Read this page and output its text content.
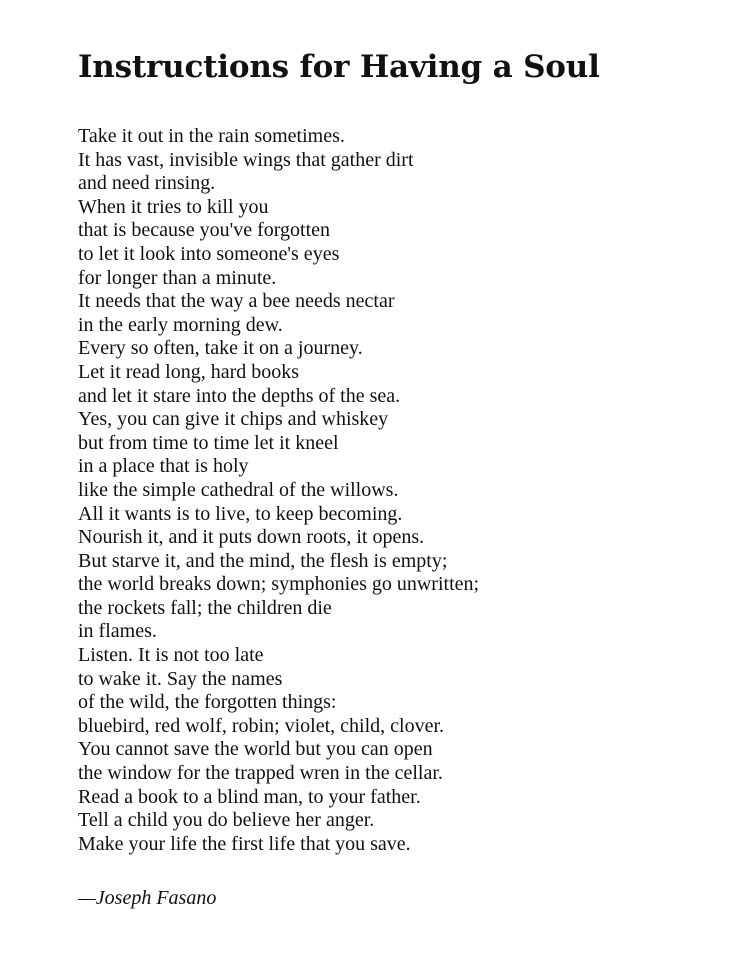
Instructions for Having a Soul
Take it out in the rain sometimes.
It has vast, invisible wings that gather dirt
and need rinsing.
When it tries to kill you
that is because you've forgotten
to let it look into someone's eyes
for longer than a minute.
It needs that the way a bee needs nectar
in the early morning dew.
Every so often, take it on a journey.
Let it read long, hard books
and let it stare into the depths of the sea.
Yes, you can give it chips and whiskey
but from time to time let it kneel
in a place that is holy
like the simple cathedral of the willows.
All it wants is to live, to keep becoming.
Nourish it, and it puts down roots, it opens.
But starve it, and the mind, the flesh is empty;
the world breaks down; symphonies go unwritten;
the rockets fall; the children die
in flames.
Listen. It is not too late
to wake it. Say the names
of the wild, the forgotten things:
bluebird, red wolf, robin; violet, child, clover.
You cannot save the world but you can open
the window for the trapped wren in the cellar.
Read a book to a blind man, to your father.
Tell a child you do believe her anger.
Make your life the first life that you save.

—Joseph Fasano
